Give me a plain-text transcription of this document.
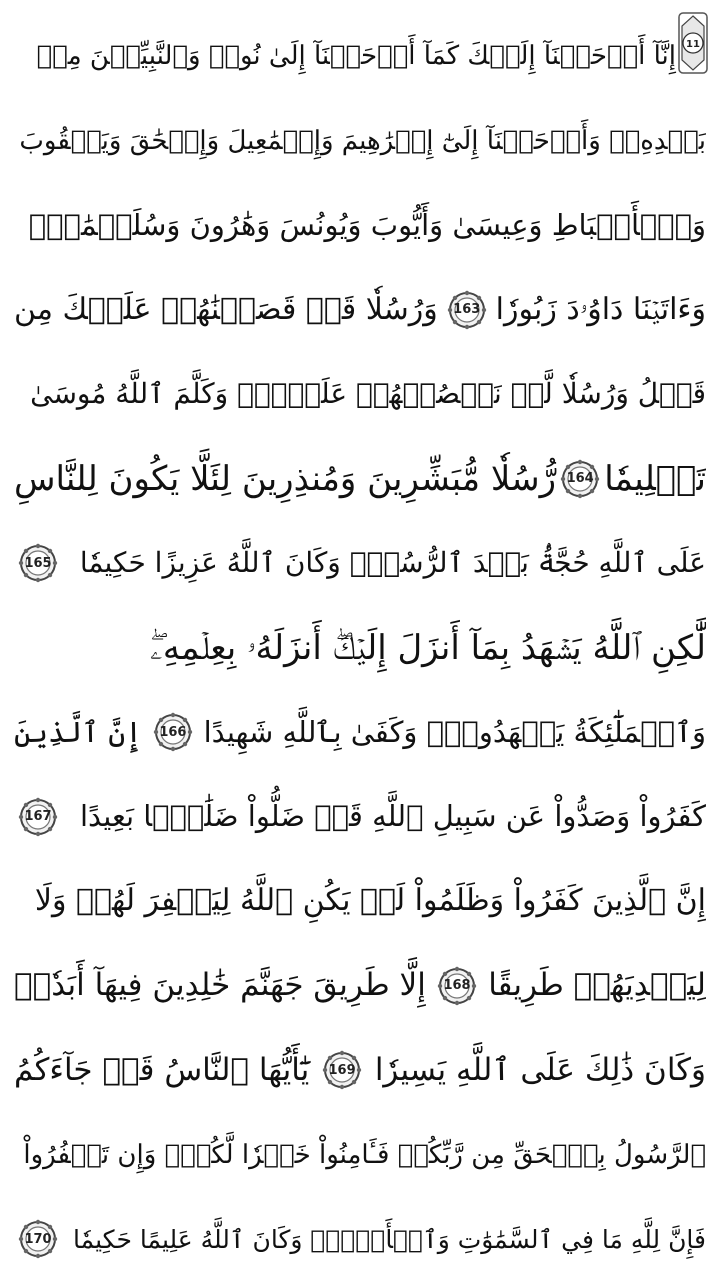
11
إِنَّآ أَوۡحَيۡنَآ إِلَيۡكَ كَمَآ أَوۡحَيۡنَآ إِلَىٰ نُوحٖ وَٱلنَّبِيِّـۧنَ مِنۢ
بَعۡدِهِۦۚ وَأَوۡحَيۡنَآ إِلَىٰٓ إِبۡرَٰهِيمَ وَإِسۡمَٰعِيلَ وَإِسۡحَٰقَ وَيَعۡقُوبَ
وَٱلۡأَسۡبَاطِ وَعِيسَىٰ وَأَيُّوبَ وَيُونُسَ وَهَٰرُونَ وَسُلَيۡمَٰنَۚ
وَءَاتَيۡنَا دَاوُۥدَ زَبُورٗا
163
وَرُسُلٗا قَدۡ قَصَصۡنَٰهُمۡ عَلَيۡكَ مِن
قَبۡلُ وَرُسُلٗا لَّمۡ نَقۡصُصۡهُمۡ عَلَيۡكَۚ وَكَلَّمَ ٱللَّهُ مُوسَىٰ
تَكۡلِيمٗا
164
رُّسُلٗا مُّبَشِّرِينَ وَمُنذِرِينَ لِئَلَّا يَكُونَ لِلنَّاسِ
عَلَى ٱللَّهِ حُجَّةُۢ بَعۡدَ ٱلرُّسُلِۚ وَكَانَ ٱللَّهُ عَزِيزًا حَكِيمٗا
165
لَّٰكِنِ ٱللَّهُ يَشۡهَدُ بِمَآ أَنزَلَ إِلَيۡكَۖ أَنزَلَهُۥ بِعِلۡمِهِۦۖ
وَٱلۡمَلَٰٓئِكَةُ يَشۡهَدُونَۚ وَكَفَىٰ بِٱللَّهِ شَهِيدًا
166
إِنَّ ٱلَّذِينَ
كَفَرُواْ وَصَدُّواْ عَن سَبِيلِ ٱللَّهِ قَدۡ ضَلُّواْ ضَلَٰلَۢا بَعِيدًا
167
إِنَّ ٱلَّذِينَ كَفَرُواْ وَظَلَمُواْ لَمۡ يَكُنِ ٱللَّهُ لِيَغۡفِرَ لَهُمۡ وَلَا
لِيَهۡدِيَهُمۡ طَرِيقًا
168
إِلَّا طَرِيقَ جَهَنَّمَ خَٰلِدِينَ فِيهَآ أَبَدٗاۚ
وَكَانَ ذَٰلِكَ عَلَى ٱللَّهِ يَسِيرٗا
169
يَٰٓأَيُّهَا ٱلنَّاسُ قَدۡ جَآءَكُمُ
ٱلرَّسُولُ بِٱلۡحَقِّ مِن رَّبِّكُمۡ فَـَٔامِنُواْ خَيۡرٗا لَّكُمۡۚ وَإِن تَكۡفُرُواْ
فَإِنَّ لِلَّهِ مَا فِي ٱلسَّمَٰوَٰتِ وَٱلۡأَرۡضِۚ وَكَانَ ٱللَّهُ عَلِيمًا حَكِيمٗا
170
